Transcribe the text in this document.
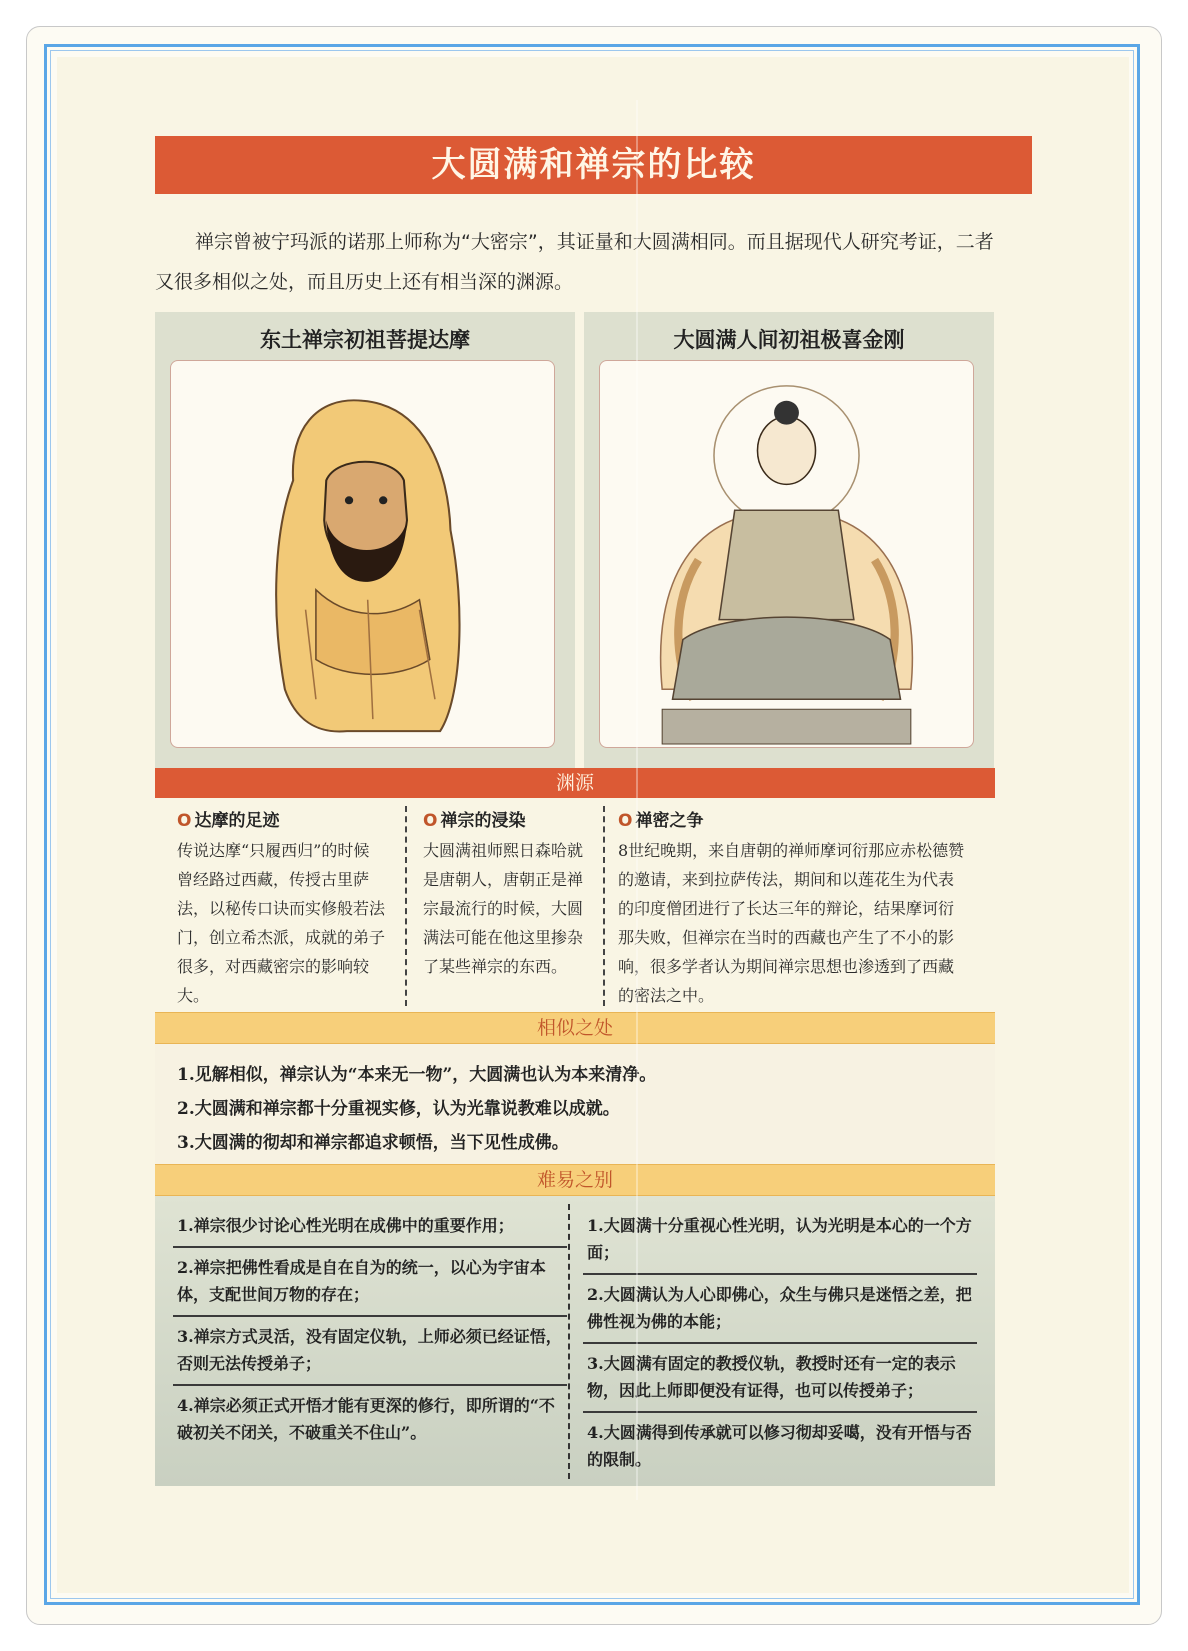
大圆满和禅宗的比较
禅宗曾被宁玛派的诺那上师称为“大密宗”，其证量和大圆满相同。而且据现代人研究考证，二者又很多相似之处，而且历史上还有相当深的渊源。
东土禅宗初祖菩提达摩	大圆满人间初祖极喜金刚
渊源
O 达摩的足迹
传说达摩“只履西归”的时候曾经路过西藏，传授古里萨法，以秘传口诀而实修般若法门，创立希杰派，成就的弟子很多，对西藏密宗的影响较大。
O 禅宗的浸染
大圆满祖师熙日森哈就是唐朝人，唐朝正是禅宗最流行的时候，大圆满法可能在他这里掺杂了某些禅宗的东西。
O 禅密之争
8世纪晚期，来自唐朝的禅师摩诃衍那应赤松德赞的邀请，来到拉萨传法，期间和以莲花生为代表的印度僧团进行了长达三年的辩论，结果摩诃衍那失败，但禅宗在当时的西藏也产生了不小的影响，很多学者认为期间禅宗思想也渗透到了西藏的密法之中。
相似之处
1.见解相似，禅宗认为“本来无一物”，大圆满也认为本来清净。
2.大圆满和禅宗都十分重视实修，认为光靠说教难以成就。
3.大圆满的彻却和禅宗都追求顿悟，当下见性成佛。
难易之别
1.禅宗很少讨论心性光明在成佛中的重要作用；
2.禅宗把佛性看成是自在自为的统一，以心为宇宙本体，支配世间万物的存在；
3.禅宗方式灵活，没有固定仪轨，上师必须已经证悟，否则无法传授弟子；
4.禅宗必须正式开悟才能有更深的修行，即所谓的“不破初关不闭关，不破重关不住山”。
1.大圆满十分重视心性光明，认为光明是本心的一个方面；
2.大圆满认为人心即佛心，众生与佛只是迷悟之差，把佛性视为佛的本能；
3.大圆满有固定的教授仪轨，教授时还有一定的表示物，因此上师即便没有证得，也可以传授弟子；
4.大圆满得到传承就可以修习彻却妥噶，没有开悟与否的限制。
